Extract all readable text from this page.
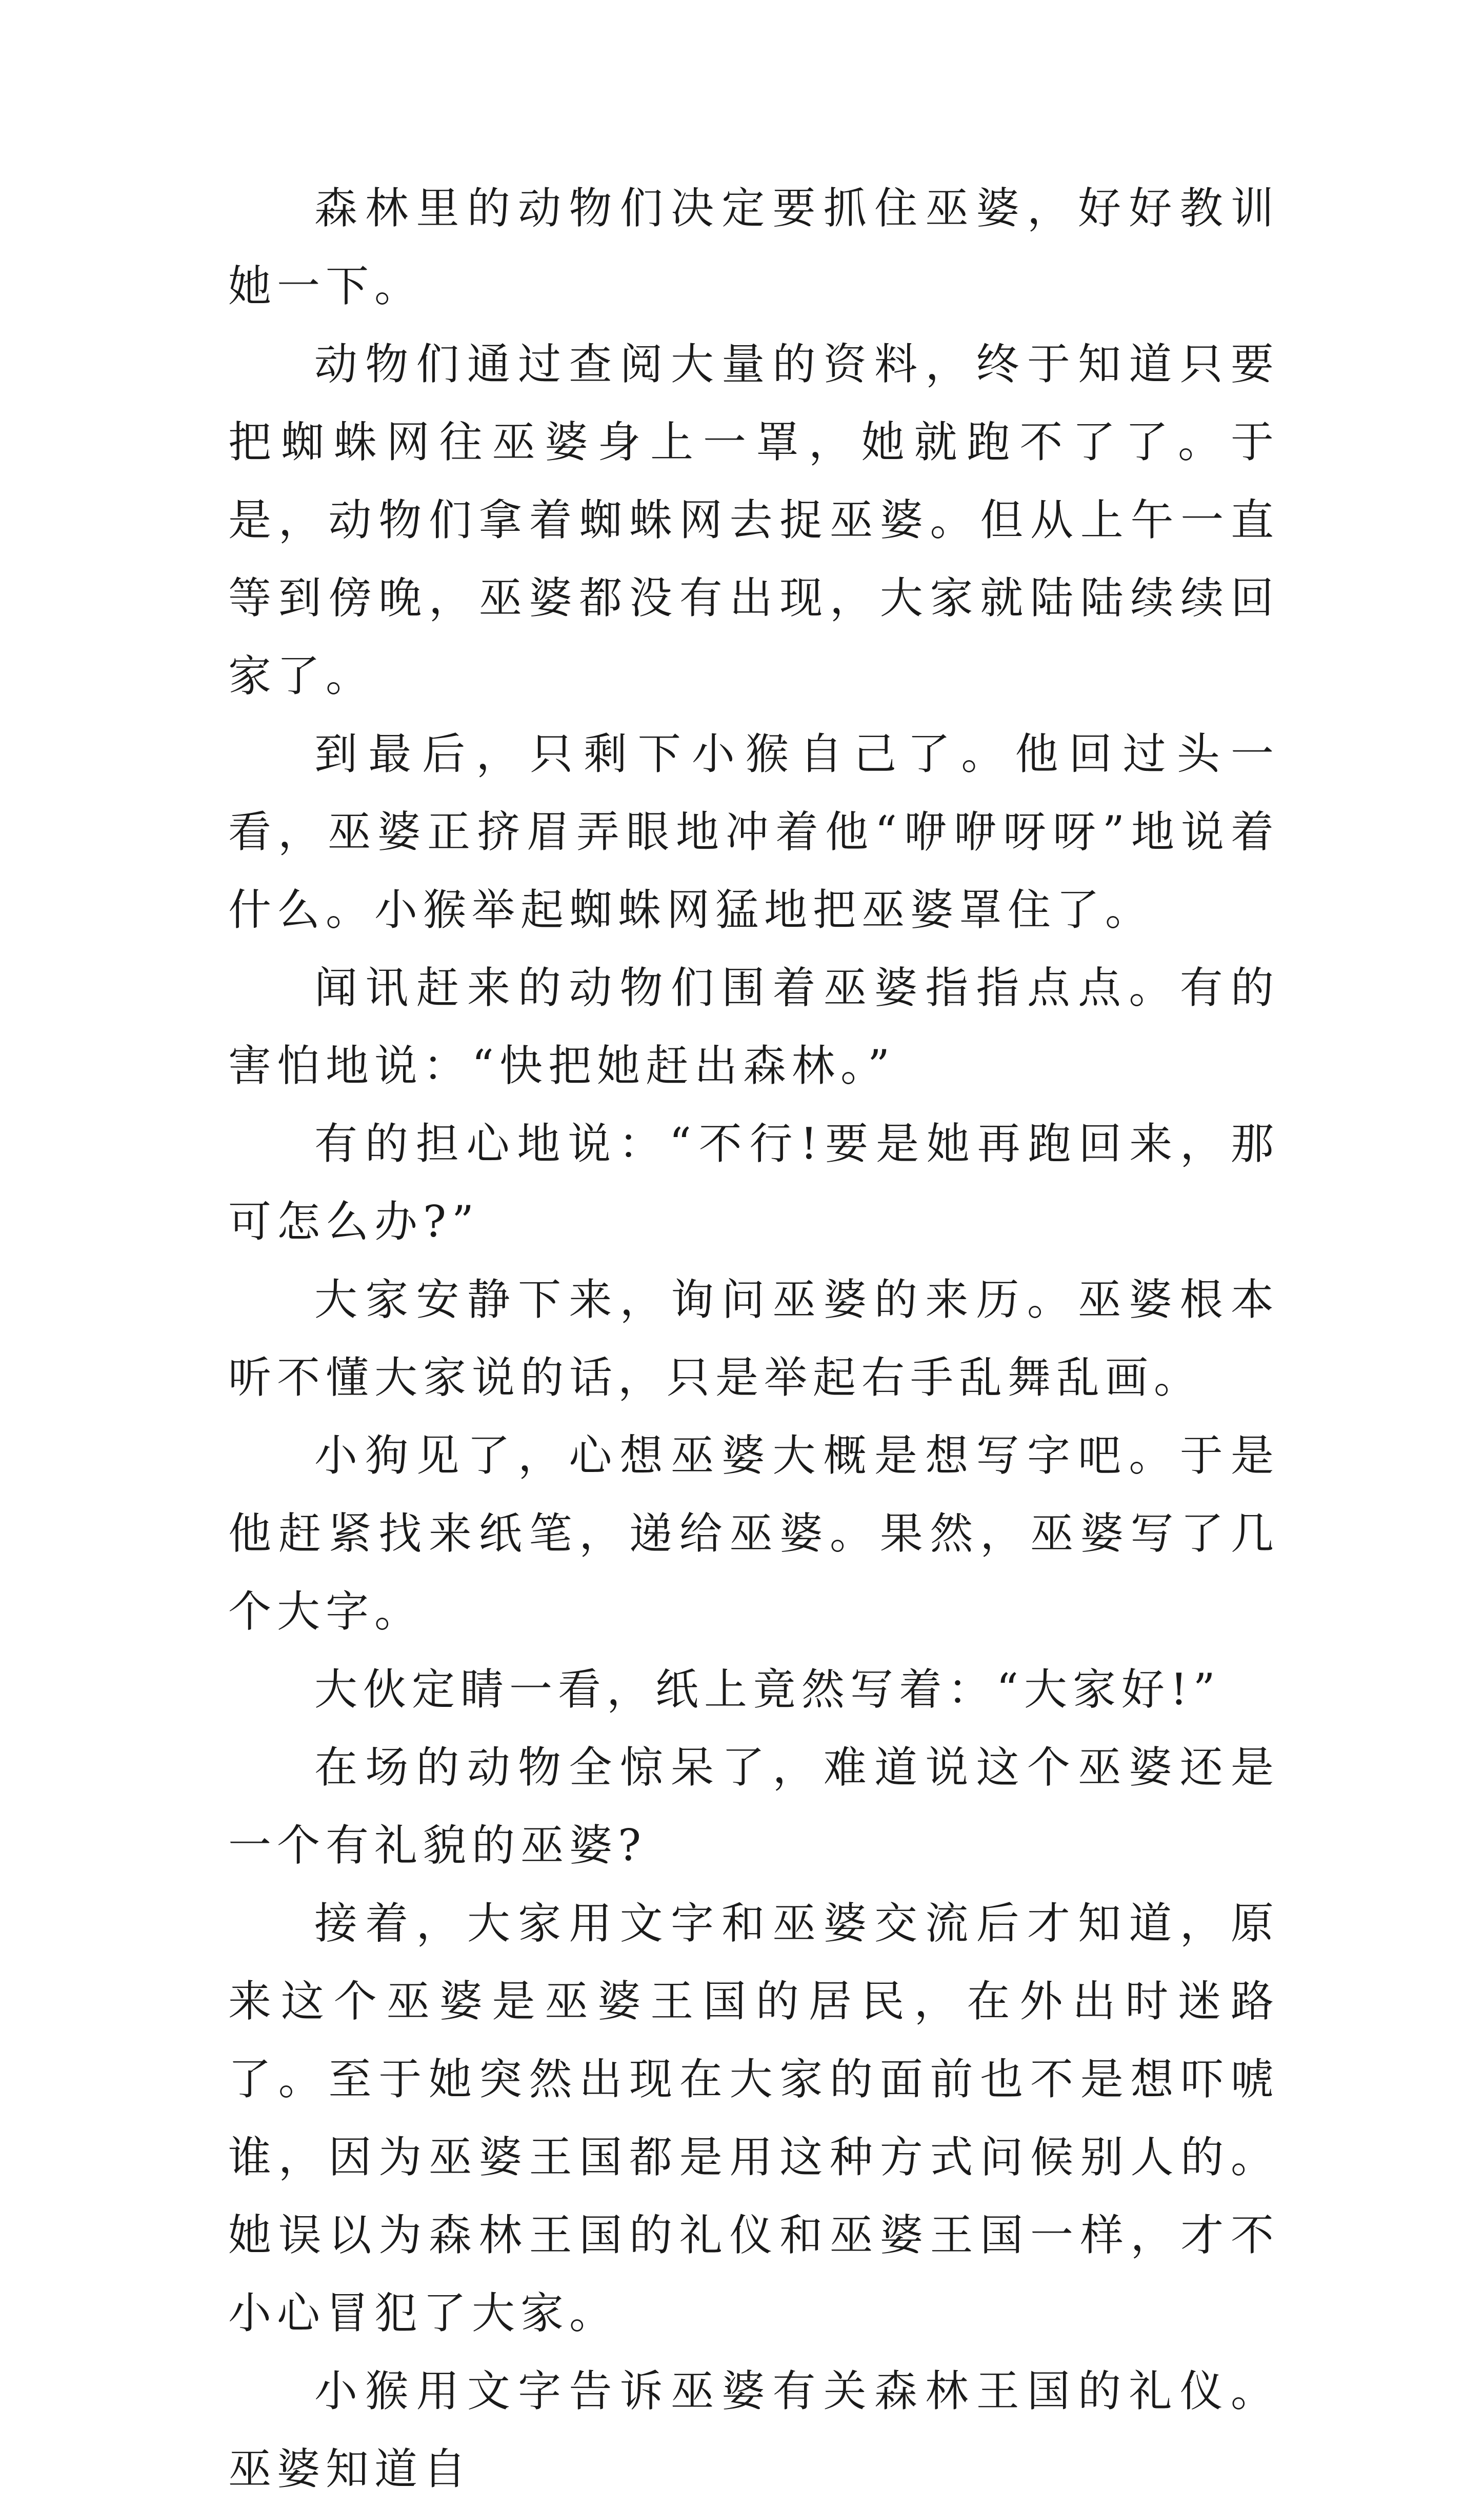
森林里的动物们决定要抓住巫婆，好好教训她一下。

动物们通过查阅大量的资料，终于知道只要把蜘蛛网往巫婆身上一罩，她就跑不了了。于是，动物们拿着蜘蛛网去捉巫婆。但从上午一直等到傍晚，巫婆都没有出现，大家就陆陆续续回家了。

到最后，只剩下小猴自己了。他回过头一看，巫婆正挤眉弄眼地冲着他“咿咿呀呀”地说着什么。小猴举起蜘蛛网猛地把巫婆罩住了。

闻讯赶来的动物们围着巫婆指指点点。有的害怕地说：“快把她赶出森林。”

有的担心地说：“不行!要是她再跑回来，那可怎么办?”

大家安静下来，询问巫婆的来历。巫婆根本听不懂大家说的话，只是举起右手乱舞乱画。

小狗见了，心想巫婆大概是想写字吧。于是他赶紧找来纸笔，递给巫婆。果然，巫婆写了几个大字。

大伙定睛一看，纸上竟然写着：“大家好!”

在场的动物全惊呆了，难道说这个巫婆还是一个有礼貌的巫婆?

接着，大家用文字和巫婆交流后才知道，原来这个巫婆是巫婆王国的居民，在外出时迷路了。至于她突然出现在大家的面前也不是想吓唬谁，因为巫婆王国都是用这种方式问候别人的。她误以为森林王国的礼仪和巫婆王国一样，才不小心冒犯了大家。

小猴用文字告诉巫婆有关森林王国的礼仪。巫婆知道自
